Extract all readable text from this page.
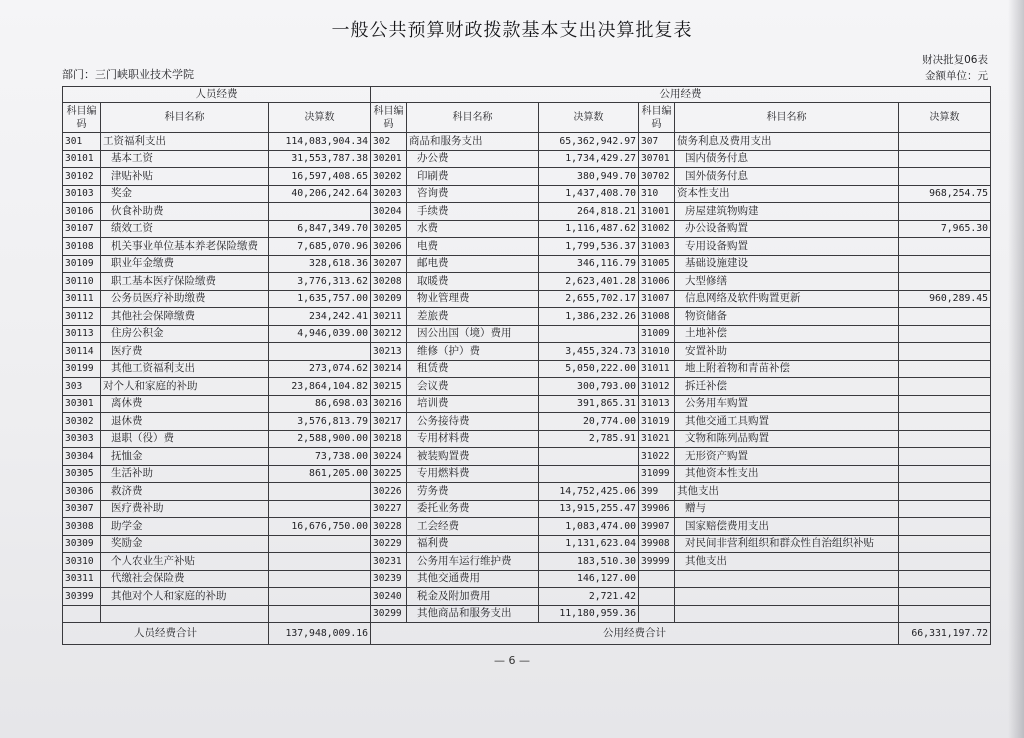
一般公共预算财政拨款基本支出决算批复表
部门：三门峡职业技术学院
财决批复06表
金额单位：元
人员经费			公用经费					
科目编码	科目名称	决算数	科目编码	科目名称	决算数	科目编码	科目名称	决算数
301	工资福利支出	114,083,904.34	302	商品和服务支出	65,362,942.97	307	债务利息及费用支出	
30101	基本工资	31,553,787.38	30201	办公费	1,734,429.27	30701	国内债务付息	
30102	津贴补贴	16,597,408.65	30202	印刷费	380,949.70	30702	国外债务付息	
30103	奖金	40,206,242.64	30203	咨询费	1,437,408.70	310	资本性支出	968,254.75
30106	伙食补助费		30204	手续费	264,818.21	31001	房屋建筑物购建	
30107	绩效工资	6,847,349.70	30205	水费	1,116,487.62	31002	办公设备购置	7,965.30
30108	机关事业单位基本养老保险缴费	7,685,070.96	30206	电费	1,799,536.37	31003	专用设备购置	
30109	职业年金缴费	328,618.36	30207	邮电费	346,116.79	31005	基础设施建设	
30110	职工基本医疗保险缴费	3,776,313.62	30208	取暖费	2,623,401.28	31006	大型修缮	
30111	公务员医疗补助缴费	1,635,757.00	30209	物业管理费	2,655,702.17	31007	信息网络及软件购置更新	960,289.45
30112	其他社会保障缴费	234,242.41	30211	差旅费	1,386,232.26	31008	物资储备	
30113	住房公积金	4,946,039.00	30212	因公出国（境）费用		31009	土地补偿	
30114	医疗费		30213	维修（护）费	3,455,324.73	31010	安置补助	
30199	其他工资福利支出	273,074.62	30214	租赁费	5,050,222.00	31011	地上附着物和青苗补偿	
303	对个人和家庭的补助	23,864,104.82	30215	会议费	300,793.00	31012	拆迁补偿	
30301	离休费	86,698.03	30216	培训费	391,865.31	31013	公务用车购置	
30302	退休费	3,576,813.79	30217	公务接待费	20,774.00	31019	其他交通工具购置	
30303	退职（役）费	2,588,900.00	30218	专用材料费	2,785.91	31021	文物和陈列品购置	
30304	抚恤金	73,738.00	30224	被装购置费		31022	无形资产购置	
30305	生活补助	861,205.00	30225	专用燃料费		31099	其他资本性支出	
30306	救济费		30226	劳务费	14,752,425.06	399	其他支出	
30307	医疗费补助		30227	委托业务费	13,915,255.47	39906	赠与	
30308	助学金	16,676,750.00	30228	工会经费	1,083,474.00	39907	国家赔偿费用支出	
30309	奖励金		30229	福利费	1,131,623.04	39908	对民间非营利组织和群众性自治组织补贴	
30310	个人农业生产补贴		30231	公务用车运行维护费	183,510.30	39999	其他支出	
30311	代缴社会保险费		30239	其他交通费用	146,127.00			
30399	其他对个人和家庭的补助		30240	税金及附加费用	2,721.42			
			30299	其他商品和服务支出	11,180,959.36			
人员经费合计		137,948,009.16	公用经费合计					66,331,197.72
— 6 —
